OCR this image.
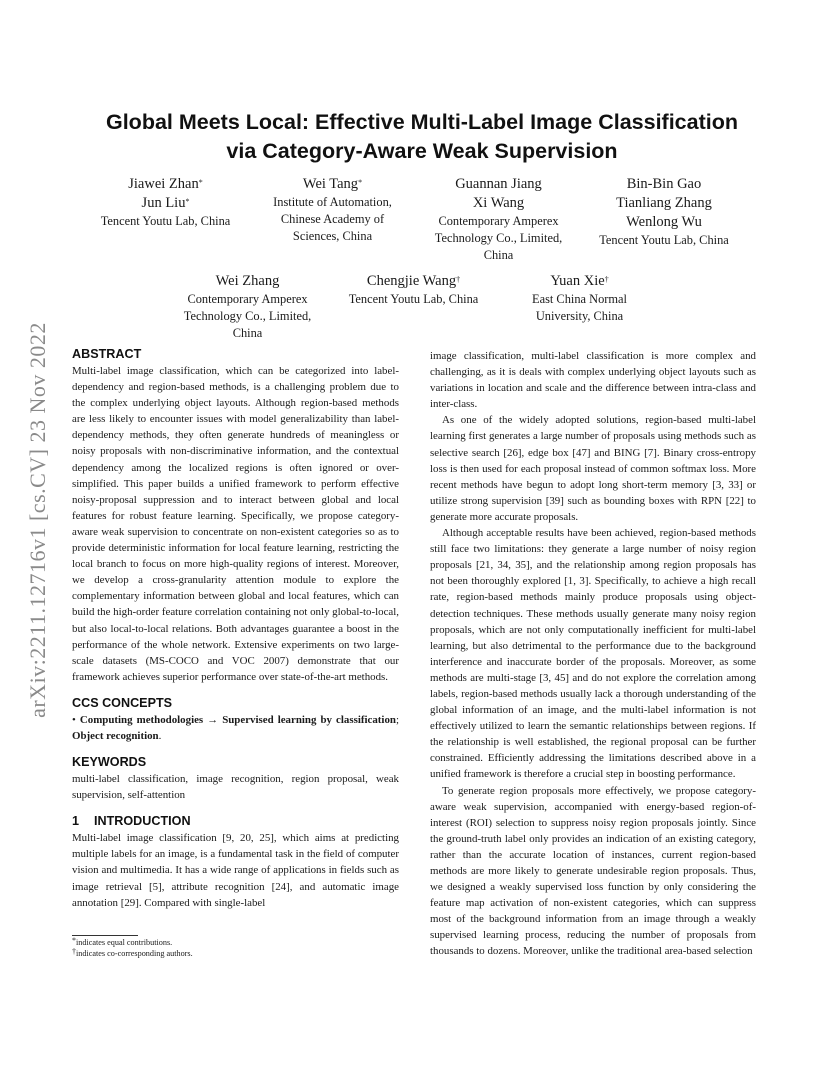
arXiv:2211.12716v1 [cs.CV] 23 Nov 2022
Global Meets Local: Effective Multi-Label Image Classification
via Category-Aware Weak Supervision
Jiawei Zhan*
Jun Liu*
Tencent Youtu Lab, China
Wei Tang*
Institute of Automation,
Chinese Academy of
Sciences, China
Guannan Jiang
Xi Wang
Contemporary Amperex
Technology Co., Limited,
China
Bin-Bin Gao
Tianliang Zhang
Wenlong Wu
Tencent Youtu Lab, China
Wei Zhang
Contemporary Amperex
Technology Co., Limited,
China
Chengjie Wang†
Tencent Youtu Lab, China
Yuan Xie†
East China Normal
University, China
ABSTRACT

Multi-label image classification, which can be categorized into label-dependency and region-based methods, is a challenging problem due to the complex underlying object layouts. Although region-based methods are less likely to encounter issues with model generalizability than label-dependency methods, they often generate hundreds of meaningless or noisy proposals with non-discriminative information, and the contextual dependency among the localized regions is often ignored or over-simplified. This paper builds a unified framework to perform effective noisy-proposal suppression and to interact between global and local features for robust feature learning. Specifically, we propose category-aware weak supervision to concentrate on non-existent categories so as to provide deterministic information for local feature learning, restricting the local branch to focus on more high-quality regions of interest. Moreover, we develop a cross-granularity attention module to explore the complementary information between global and local features, which can build the high-order feature correlation containing not only global-to-local, but also local-to-local relations. Both advantages guarantee a boost in the performance of the whole network. Extensive experiments on two large-scale datasets (MS-COCO and VOC 2007) demonstrate that our framework achieves superior performance over state-of-the-art methods.

CCS CONCEPTS

• Computing methodologies → Supervised learning by classification; Object recognition.

KEYWORDS

multi-label classification, image recognition, region proposal, weak supervision, self-attention

1 INTRODUCTION

Multi-label image classification [9, 20, 25], which aims at predicting multiple labels for an image, is a fundamental task in the field of computer vision and multimedia. It has a wide range of applications in fields such as image retrieval [5], attribute recognition [24], and automatic image annotation [29]. Compared with single-label

*indicates equal contributions.
†indicates co-corresponding authors.

image classification, multi-label classification is more complex and challenging, as it is deals with complex underlying object layouts such as variations in location and scale and the difference between intra-class and inter-class.

As one of the widely adopted solutions, region-based multi-label learning first generates a large number of proposals using methods such as selective search [26], edge box [47] and BING [7]. Binary cross-entropy loss is then used for each proposal instead of common softmax loss. More recent methods have begun to adopt long short-term memory [3, 33] or utilize strong supervision [39] such as bounding boxes with RPN [22] to generate more accurate proposals.

Although acceptable results have been achieved, region-based methods still face two limitations: they generate a large number of noisy region proposals [21, 34, 35], and the relationship among region proposals has not been thoroughly explored [1, 3]. Specifically, to achieve a high recall rate, region-based methods mainly produce proposals using object-detection techniques. These methods usually generate many noisy region proposals, which are not only computationally inefficient for multi-label learning, but also detrimental to the performance due to the background interference and inaccurate border of the proposals. Moreover, as some methods are multi-stage [3, 45] and do not explore the correlation among labels, region-based methods usually lack a thorough understanding of the global information of an image, and the multi-label information is not effectively utilized to learn the semantic relationships between regions. If the relationship is well established, the regional proposal can be further constrained. Efficiently addressing the limitations described above in a unified framework is therefore a crucial step in boosting performance.

To generate region proposals more effectively, we propose category-aware weak supervision, accompanied with energy-based region-of-interest (ROI) selection to suppress noisy region proposals jointly. Since the ground-truth label only provides an indication of an existing category, rather than the accurate location of instances, current region-based methods are more likely to generate undesirable region proposals. Thus, we designed a weakly supervised loss function by only considering the feature map activation of non-existent categories, which can suppress most of the background information from an image through a weakly supervised learning process, reducing the number of proposals from thousands to dozens. Moreover, unlike the traditional area-based selection
